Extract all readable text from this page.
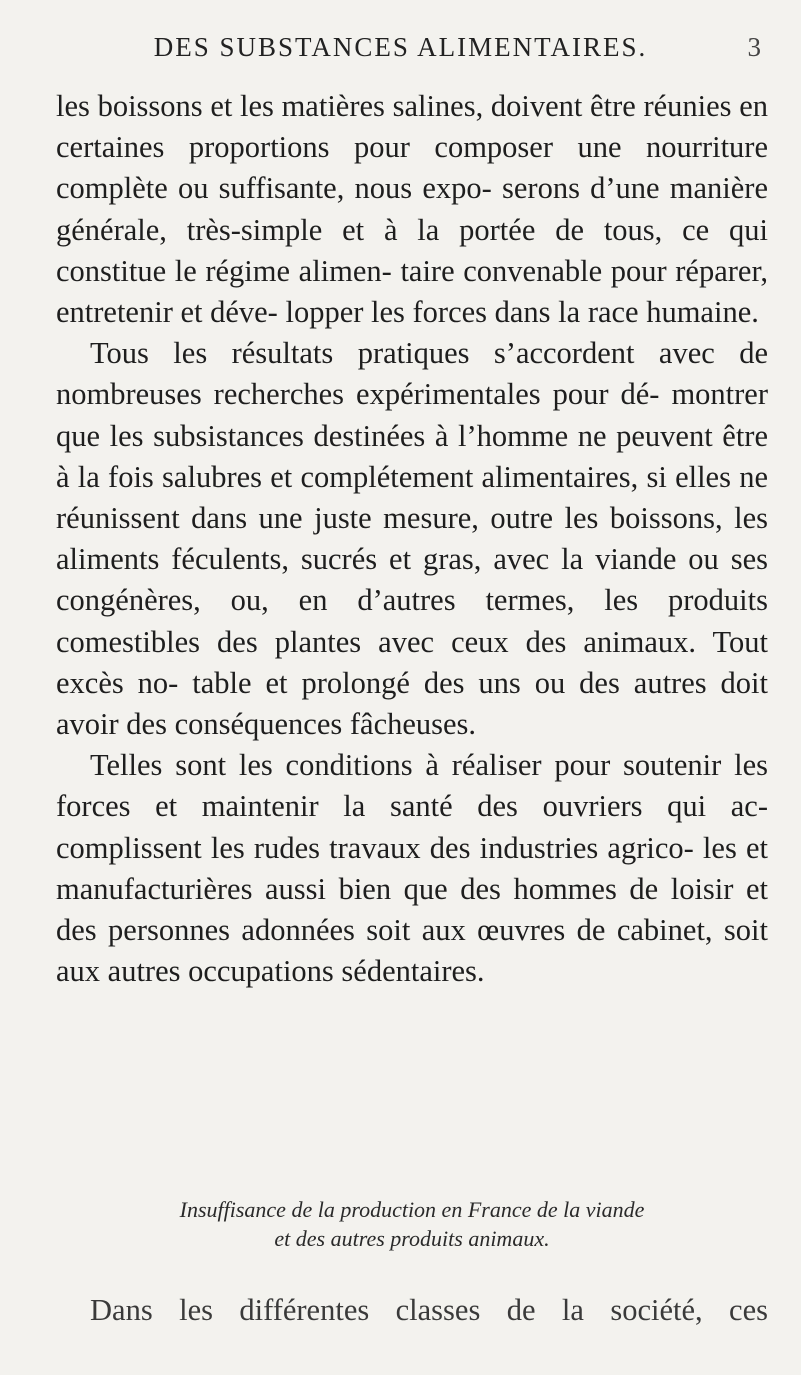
DES SUBSTANCES ALIMENTAIRES.	3

les boissons et les matières salines, doivent être réunies en certaines proportions pour composer une nourriture complète ou suffisante, nous expo- serons d’une manière générale, très-simple et à la portée de tous, ce qui constitue le régime alimen- taire convenable pour réparer, entretenir et déve- lopper les forces dans la race humaine.

Tous les résultats pratiques s’accordent avec de nombreuses recherches expérimentales pour dé- montrer que les subsistances destinées à l’homme ne peuvent être à la fois salubres et complétement alimentaires, si elles ne réunissent dans une juste mesure, outre les boissons, les aliments féculents, sucrés et gras, avec la viande ou ses congénères, ou, en d’autres termes, les produits comestibles des plantes avec ceux des animaux. Tout excès no- table et prolongé des uns ou des autres doit avoir des conséquences fâcheuses.

Telles sont les conditions à réaliser pour soutenir les forces et maintenir la santé des ouvriers qui ac- complissent les rudes travaux des industries agrico- les et manufacturières aussi bien que des hommes de loisir et des personnes adonnées soit aux œuvres de cabinet, soit aux autres occupations sédentaires.

Insuffisance de la production en France de la viande
et des autres produits animaux.
Dans les différentes classes de la société, ces
